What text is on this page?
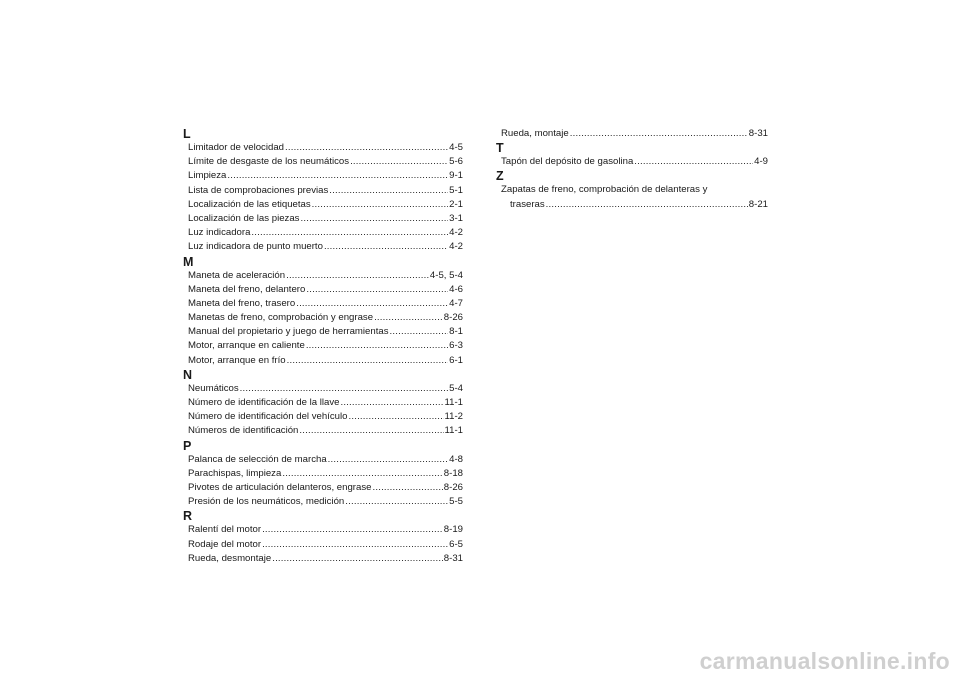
L
Limitador de velocidad .....	4-5
Límite de desgaste de los neumáticos .....	5-6
Limpieza .....	9-1
Lista de comprobaciones previas .....	5-1
Localización de las etiquetas .....	2-1
Localización de las piezas .....	3-1
Luz indicadora .....	4-2
Luz indicadora de punto muerto .....	4-2
M
Maneta de aceleración .....	4-5, 5-4
Maneta del freno, delantero .....	4-6
Maneta del freno, trasero .....	4-7
Manetas de freno, comprobación y engrase .....	8-26
Manual del propietario y juego de herramientas .....	8-1
Motor, arranque en caliente .....	6-3
Motor, arranque en frío .....	6-1
N
Neumáticos .....	5-4
Número de identificación de la llave .....	11-1
Número de identificación del vehículo .....	11-2
Números de identificación .....	11-1
P
Palanca de selección de marcha .....	4-8
Parachispas, limpieza .....	8-18
Pivotes de articulación delanteros, engrase .....	8-26
Presión de los neumáticos, medición .....	5-5
R
Ralentí del motor .....	8-19
Rodaje del motor .....	6-5
Rueda, desmontaje .....	8-31
Rueda, montaje .....	8-31
T
Tapón del depósito de gasolina .....	4-9
Z
Zapatas de freno, comprobación de delanteras y
traseras .....	8-21
carmanualsonline.info
